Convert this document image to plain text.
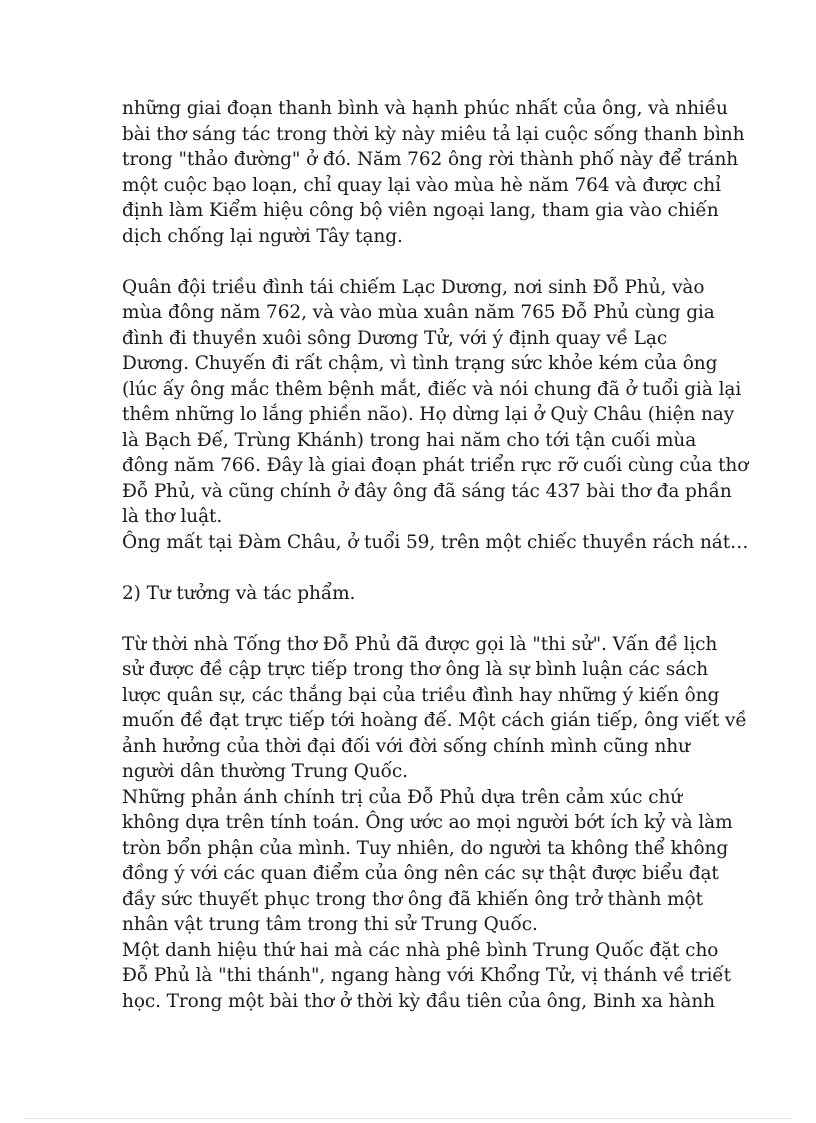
những giai đoạn thanh bình và hạnh phúc nhất của ông, và nhiều
bài thơ sáng tác trong thời kỳ này miêu tả lại cuộc sống thanh bình
trong "thảo đường" ở đó. Năm 762 ông rời thành phố này để tránh
một cuộc bạo loạn, chỉ quay lại vào mùa hè năm 764 và được chỉ
định làm Kiểm hiệu công bộ viên ngoại lang, tham gia vào chiến
dịch chống lại người Tây tạng.
Quân đội triều đình tái chiếm Lạc Dương, nơi sinh Đỗ Phủ, vào
mùa đông năm 762, và vào mùa xuân năm 765 Đỗ Phủ cùng gia
đình đi thuyền xuôi sông Dương Tử, với ý định quay về Lạc
Dương. Chuyến đi rất chậm, vì tình trạng sức khỏe kém của ông
(lúc ấy ông mắc thêm bệnh mắt, điếc và nói chung đã ở tuổi già lại
thêm những lo lắng phiền não). Họ dừng lại ở Quỳ Châu (hiện nay
là Bạch Đế, Trùng Khánh) trong hai năm cho tới tận cuối mùa
đông năm 766. Đây là giai đoạn phát triển rực rỡ cuối cùng của thơ
Đỗ Phủ, và cũng chính ở đây ông đã sáng tác 437 bài thơ đa phần
là thơ luật.
Ông mất tại Đàm Châu, ở tuổi 59, trên một chiếc thuyền rách nát…
2) Tư tưởng và tác phẩm.
Từ thời nhà Tống thơ Đỗ Phủ đã được gọi là "thi sử". Vấn đề lịch
sử được đề cập trực tiếp trong thơ ông là sự bình luận các sách
lược quân sự, các thắng bại của triều đình hay những ý kiến ông
muốn đề đạt trực tiếp tới hoàng đế. Một cách gián tiếp, ông viết về
ảnh hưởng của thời đại đối với đời sống chính mình cũng như
người dân thường Trung Quốc.
Những phản ánh chính trị của Đỗ Phủ dựa trên cảm xúc chứ
không dựa trên tính toán. Ông ước ao mọi người bớt ích kỷ và làm
tròn bổn phận của mình. Tuy nhiên, do người ta không thể không
đồng ý với các quan điểm của ông nên các sự thật được biểu đạt
đầy sức thuyết phục trong thơ ông đã khiến ông trở thành một
nhân vật trung tâm trong thi sử Trung Quốc.
Một danh hiệu thứ hai mà các nhà phê bình Trung Quốc đặt cho
Đỗ Phủ là "thi thánh", ngang hàng với Khổng Tử, vị thánh về triết
học. Trong một bài thơ ở thời kỳ đầu tiên của ông, Binh xa hành
